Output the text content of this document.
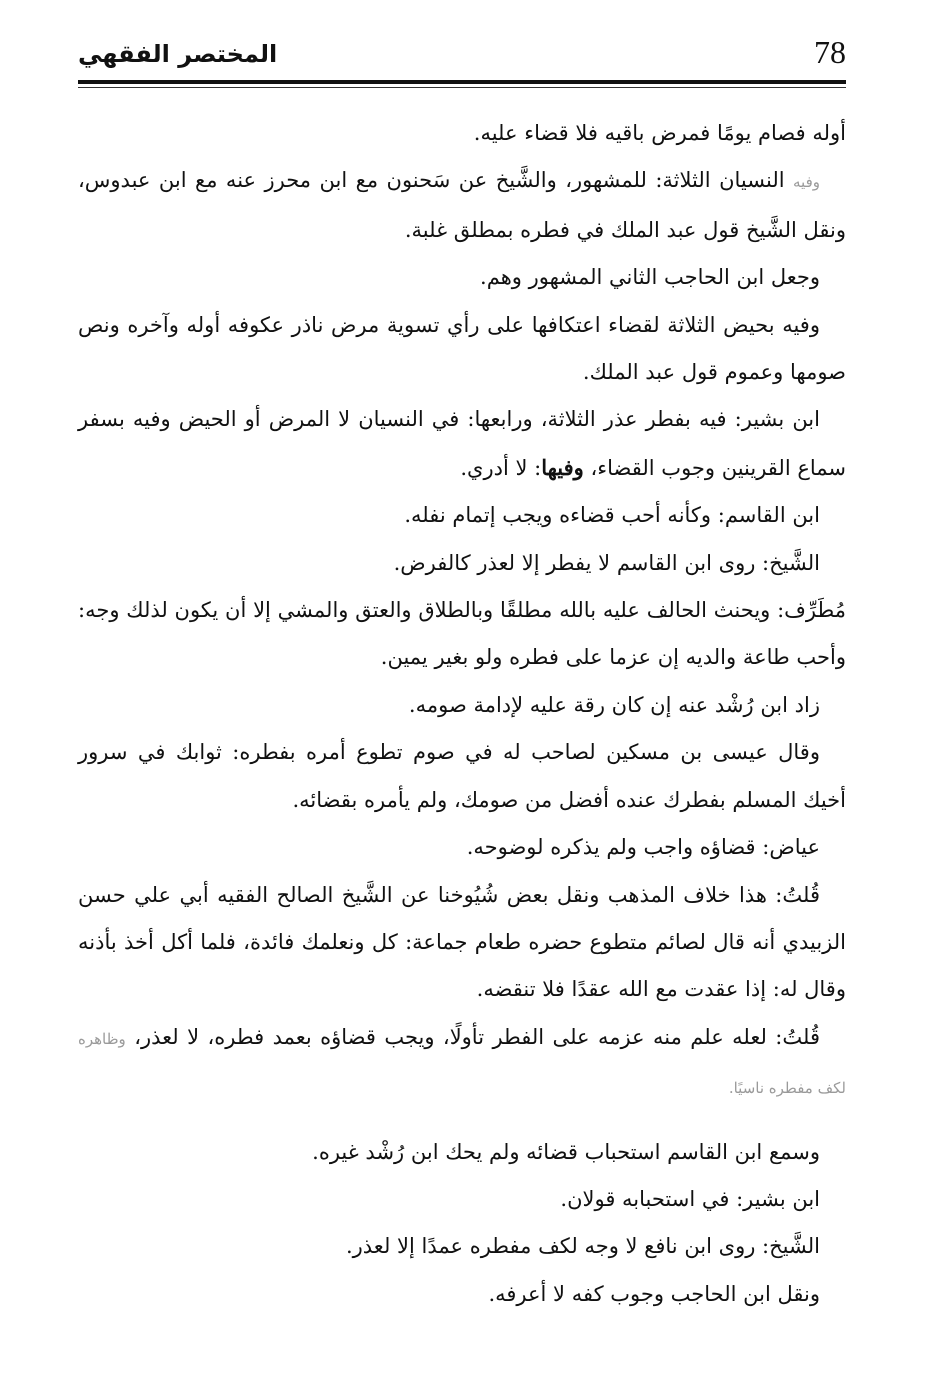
78
المختصر الفقهي

أوله فصام يومًا فمرض باقيه فلا قضاء عليه.

وفيه النسيان الثلاثة: للمشهور، والشَّيخ عن سَحنون مع ابن محرز عنه مع ابن عبدوس، ونقل الشَّيخ قول عبد الملك في فطره بمطلق غلبة.

وجعل ابن الحاجب الثاني المشهور وهم.

وفيه بحيض الثلاثة لقضاء اعتكافها على رأي تسوية مرض ناذر عكوفه أوله وآخره ونص صومها وعموم قول عبد الملك.

ابن بشير: فيه بفطر عذر الثلاثة، ورابعها: في النسيان لا المرض أو الحيض وفيه بسفر سماع القرينين وجوب القضاء، وفيها: لا أدري.

ابن القاسم: وكأنه أحب قضاءه ويجب إتمام نفله.

الشَّيخ: روى ابن القاسم لا يفطر إلا لعذر كالفرض.

مُطَرِّف: ويحنث الحالف عليه بالله مطلقًا وبالطلاق والعتق والمشي إلا أن يكون لذلك وجه: وأحب طاعة والديه إن عزما على فطره ولو بغير يمين.

زاد ابن رُشْد عنه إن كان رقة عليه لإدامة صومه.

وقال عيسى بن مسكين لصاحب له في صوم تطوع أمره بفطره: ثوابك في سرور أخيك المسلم بفطرك عنده أفضل من صومك، ولم يأمره بقضائه.

عياض: قضاؤه واجب ولم يذكره لوضوحه.

قُلتُ: هذا خلاف المذهب ونقل بعض شُيُوخنا عن الشَّيخ الصالح الفقيه أبي علي حسن الزبيدي أنه قال لصائم متطوع حضره طعام جماعة: كل ونعلمك فائدة، فلما أكل أخذ بأذنه وقال له: إذا عقدت مع الله عقدًا فلا تنقضه.

قُلتُ: لعله علم منه عزمه على الفطر تأولًا، ويجب قضاؤه بعمد فطره، لا لعذر، وظاهره لكف مفطره ناسيًا.

وسمع ابن القاسم استحباب قضائه ولم يحك ابن رُشْد غيره.

ابن بشير: في استحبابه قولان.

الشَّيخ: روى ابن نافع لا وجه لكف مفطره عمدًا إلا لعذر.

ونقل ابن الحاجب وجوب كفه لا أعرفه.
